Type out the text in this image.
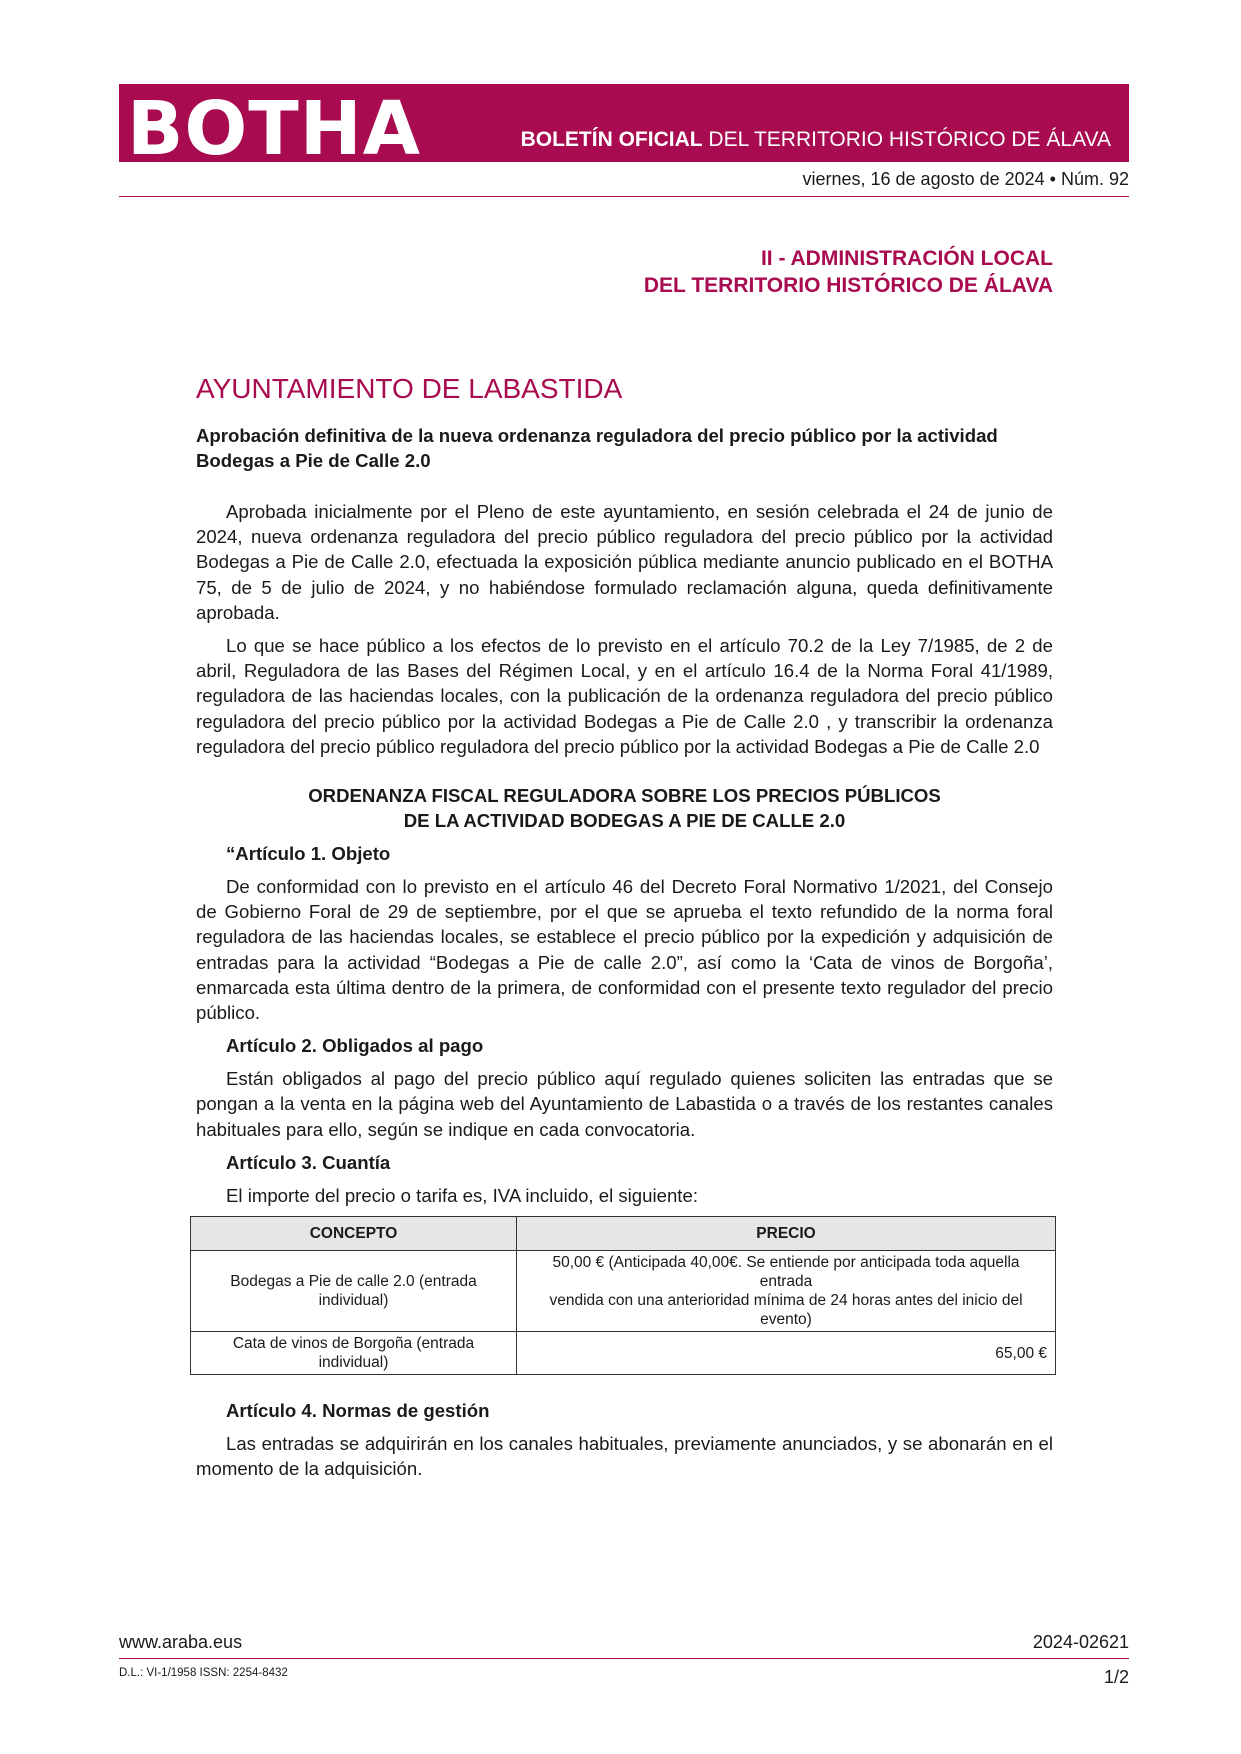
BOTHA	BOLETÍN OFICIAL DEL TERRITORIO HISTÓRICO DE ÁLAVA
viernes, 16 de agosto de 2024 • Núm. 92
II - ADMINISTRACIÓN LOCAL
DEL TERRITORIO HISTÓRICO DE ÁLAVA
AYUNTAMIENTO DE LABASTIDA
Aprobación definitiva de la nueva ordenanza reguladora del precio público por la actividad Bodegas a Pie de Calle 2.0

Aprobada inicialmente por el Pleno de este ayuntamiento, en sesión celebrada el 24 de junio de 2024, nueva ordenanza reguladora del precio público reguladora del precio público por la actividad Bodegas a Pie de Calle 2.0, efectuada la exposición pública mediante anuncio publicado en el BOTHA 75, de 5 de julio de 2024, y no habiéndose formulado reclamación alguna, queda definitivamente aprobada.

Lo que se hace público a los efectos de lo previsto en el artículo 70.2 de la Ley 7/1985, de 2 de abril, Reguladora de las Bases del Régimen Local, y en el artículo 16.4 de la Norma Foral 41/1989, reguladora de las haciendas locales, con la publicación de la ordenanza reguladora del precio público reguladora del precio público por la actividad Bodegas a Pie de Calle 2.0 , y transcribir la ordenanza reguladora del precio público reguladora del precio público por la actividad Bodegas a Pie de Calle 2.0

ORDENANZA FISCAL REGULADORA SOBRE LOS PRECIOS PÚBLICOS
DE LA ACTIVIDAD BODEGAS A PIE DE CALLE 2.0
“Artículo 1. Objeto

De conformidad con lo previsto en el artículo 46 del Decreto Foral Normativo 1/2021, del Consejo de Gobierno Foral de 29 de septiembre, por el que se aprueba el texto refundido de la norma foral reguladora de las haciendas locales, se establece el precio público por la expedición y adquisición de entradas para la actividad “Bodegas a Pie de calle 2.0”, así como la ‘Cata de vinos de Borgoña’, enmarcada esta última dentro de la primera, de conformidad con el presente texto regulador del precio público.

Artículo 2. Obligados al pago

Están obligados al pago del precio público aquí regulado quienes soliciten las entradas que se pongan a la venta en la página web del Ayuntamiento de Labastida o a través de los restantes canales habituales para ello, según se indique en cada convocatoria.

Artículo 3. Cuantía

El importe del precio o tarifa es, IVA incluido, el siguiente:

CONCEPTO	PRECIO
Bodegas a Pie de calle 2.0 (entrada individual)	50,00 € (Anticipada 40,00€. Se entiende por anticipada toda aquella entrada
vendida con una anterioridad mínima de 24 horas antes del inicio del evento)

Cata de vinos de Borgoña (entrada individual)	65,00 €
Artículo 4. Normas de gestión

Las entradas se adquirirán en los canales habituales, previamente anunciados, y se abonarán en el momento de la adquisición.

www.araba.eus	2024-02621
D.L.: VI-1/1958 ISSN: 2254-8432	1/2
